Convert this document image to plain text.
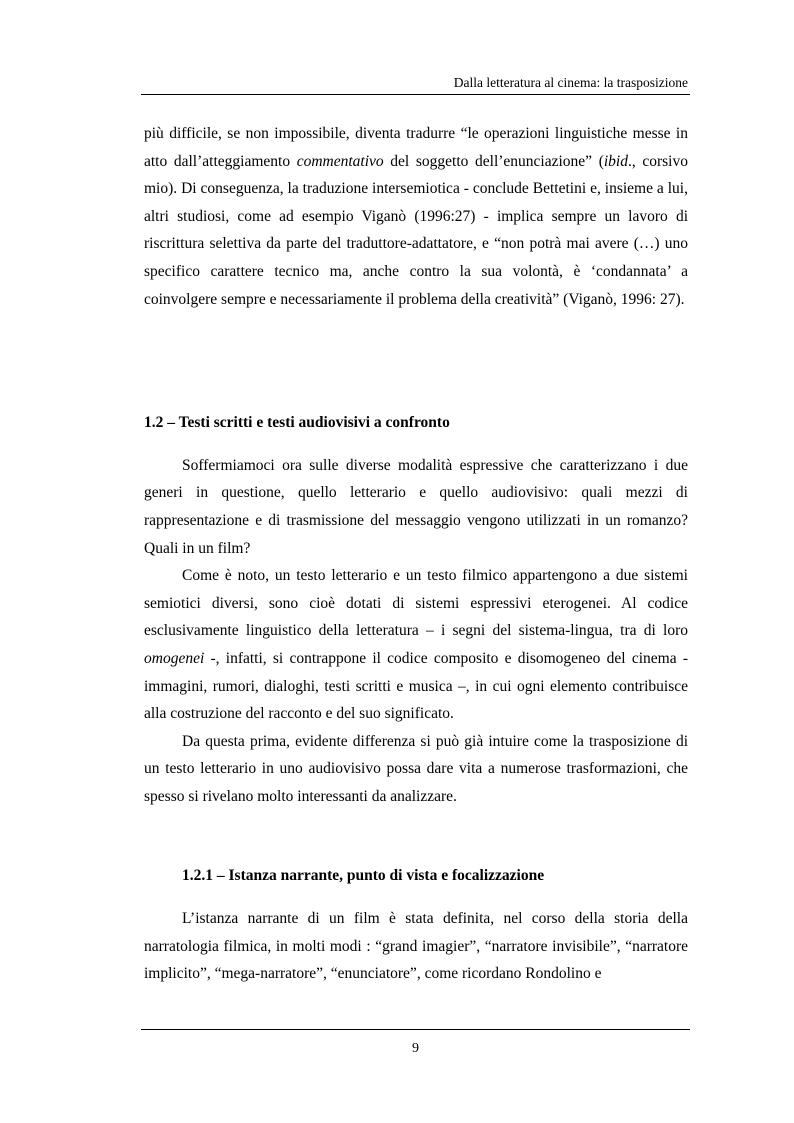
Dalla letteratura al cinema: la trasposizione

più difficile, se non impossibile, diventa tradurre “le operazioni linguistiche messe in atto dall’atteggiamento commentativo del soggetto dell’enunciazione” (ibid., corsivo mio). Di conseguenza, la traduzione intersemiotica - conclude Bettetini e, insieme a lui, altri studiosi, come ad esempio Viganò (1996:27) - implica sempre un lavoro di riscrittura selettiva da parte del traduttore-adattatore, e “non potrà mai avere (…) uno specifico carattere tecnico ma, anche contro la sua volontà, è ‘condannata’ a coinvolgere sempre e necessariamente il problema della creatività” (Viganò, 1996: 27).

1.2 – Testi scritti e testi audiovisivi a confronto

Soffermiamoci ora sulle diverse modalità espressive che caratterizzano i due generi in questione, quello letterario e quello audiovisivo: quali mezzi di rappresentazione e di trasmissione del messaggio vengono utilizzati in un romanzo? Quali in un film?

Come è noto, un testo letterario e un testo filmico appartengono a due sistemi semiotici diversi, sono cioè dotati di sistemi espressivi eterogenei. Al codice esclusivamente linguistico della letteratura – i segni del sistema-lingua, tra di loro omogenei -, infatti, si contrappone il codice composito e disomogeneo del cinema - immagini, rumori, dialoghi, testi scritti e musica –, in cui ogni elemento contribuisce alla costruzione del racconto e del suo significato.

Da questa prima, evidente differenza si può già intuire come la trasposizione di un testo letterario in uno audiovisivo possa dare vita a numerose trasformazioni, che spesso si rivelano molto interessanti da analizzare.

1.2.1 – Istanza narrante, punto di vista e focalizzazione

L’istanza narrante di un film è stata definita, nel corso della storia della narratologia filmica, in molti modi : “grand imagier”, “narratore invisibile”, “narratore implicito”, “mega-narratore”, “enunciatore”, come ricordano Rondolino e

9
